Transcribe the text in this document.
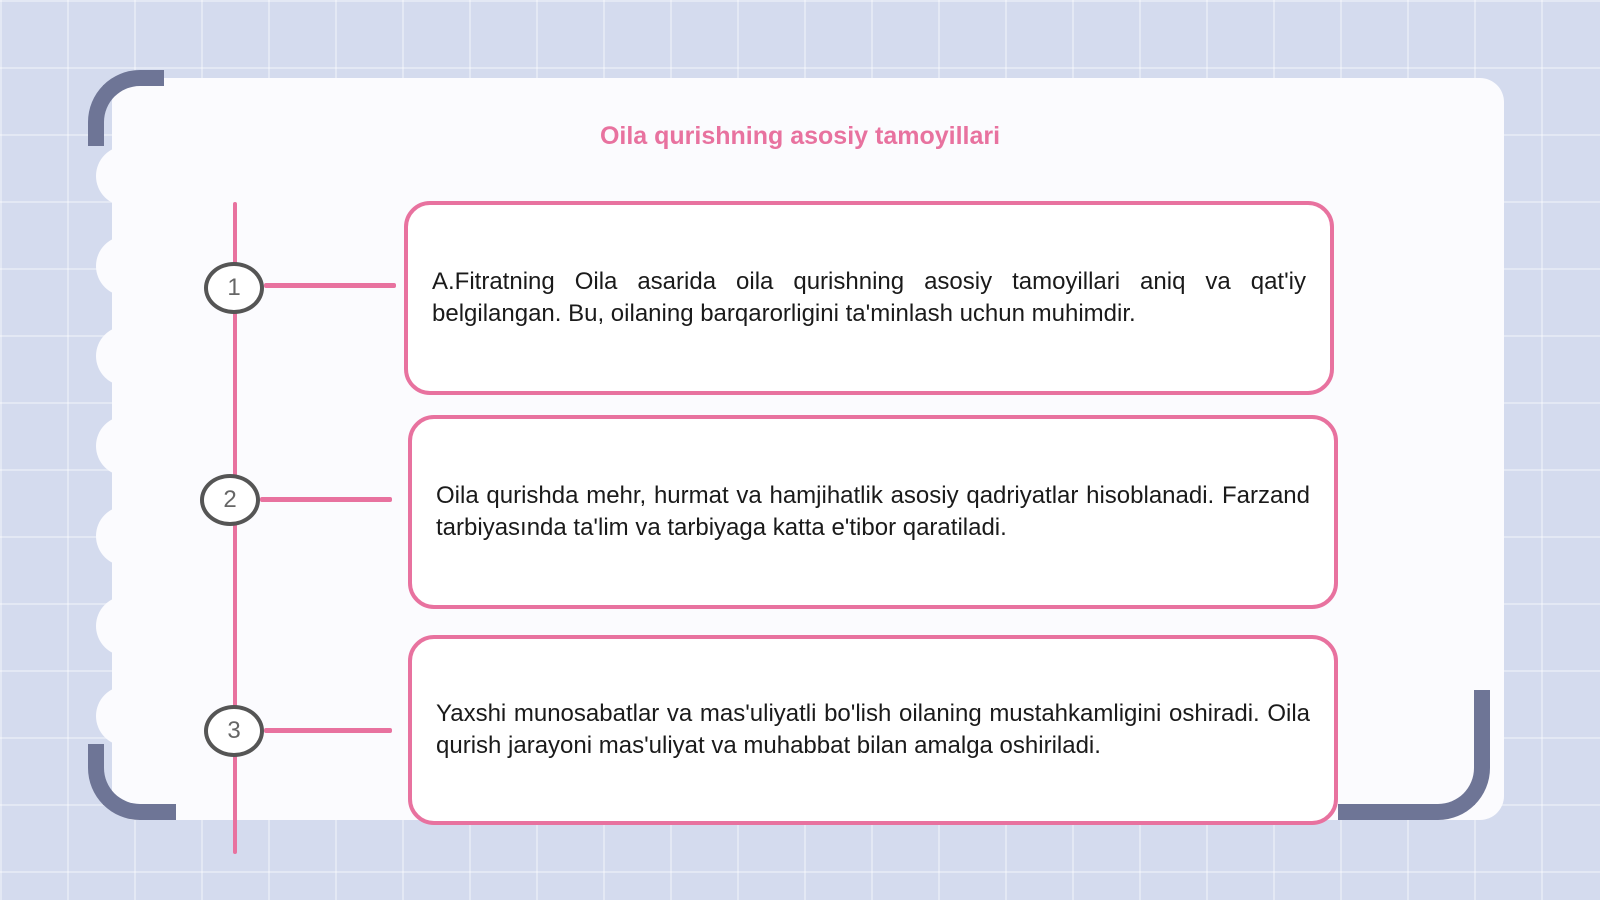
Oila qurishning asosiy tamoyillari
1
2
3

A.Fitratning Oila asarida oila qurishning asosiy tamoyillari aniq va qat'iy belgilangan. Bu, oilaning barqarorligini ta'minlash uchun muhimdir.

Oila qurishda mehr, hurmat va hamjihatlik asosiy qadriyatlar hisoblanadi. Farzand tarbiyasında ta'lim va tarbiyaga katta e'tibor qaratiladi.

Yaxshi munosabatlar va mas'uliyatli bo'lish oilaning mustahkamligini oshiradi. Oila qurish jarayoni mas'uliyat va muhabbat bilan amalga oshiriladi.
